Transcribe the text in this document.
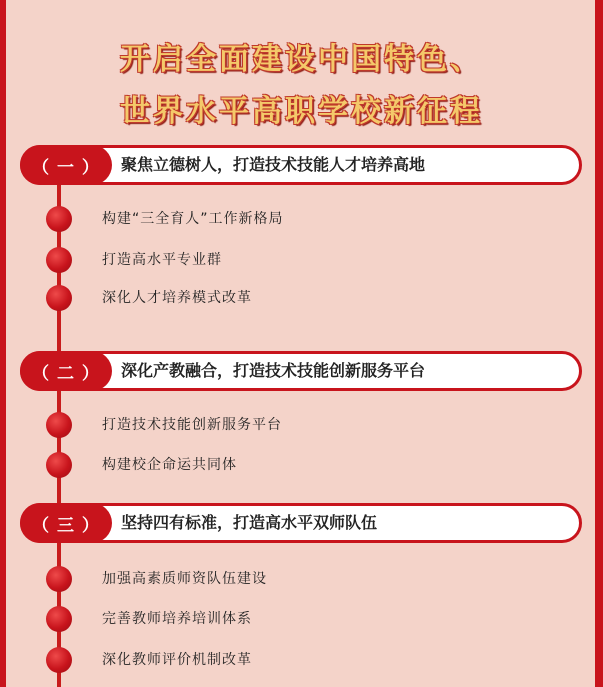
开启全面建设中国特色、
世界水平高职学校新征程
（ 一 ）	聚焦立德树人，打造技术技能人才培养高地
构建“三全育人”工作新格局
打造高水平专业群
深化人才培养模式改革
（ 二 ）	深化产教融合，打造技术技能创新服务平台
打造技术技能创新服务平台
构建校企命运共同体
（ 三 ）	坚持四有标准，打造高水平双师队伍
加强高素质师资队伍建设
完善教师培养培训体系
深化教师评价机制改革
